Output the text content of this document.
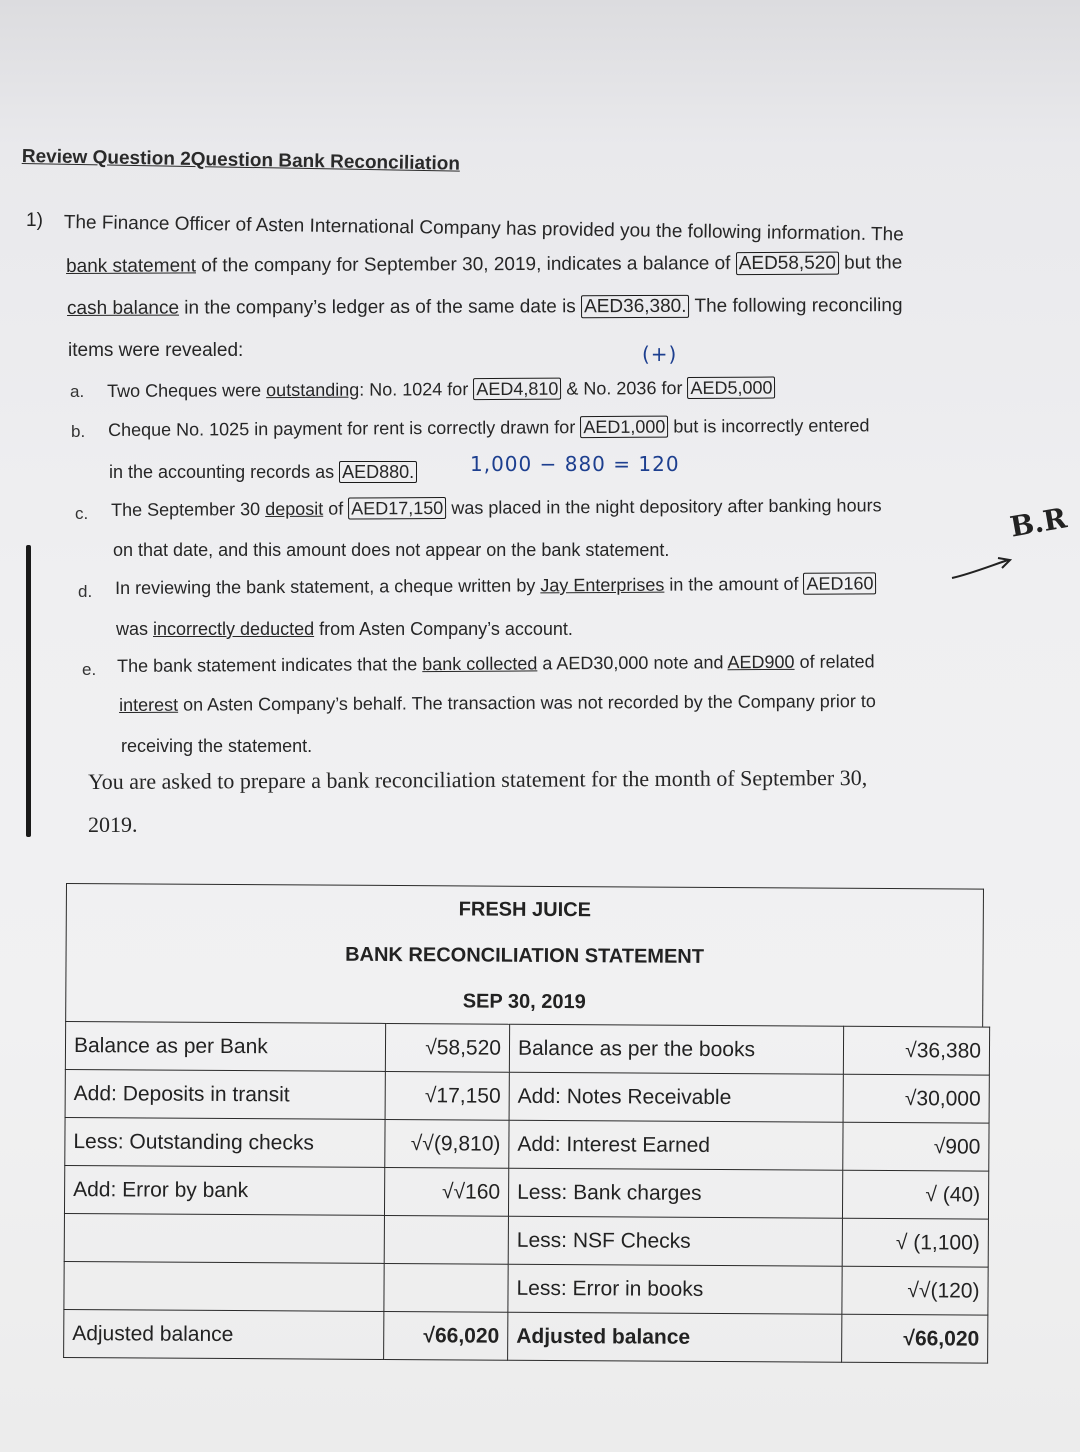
Review Question 2Question Bank Reconciliation
1) The Finance Officer of Asten International Company has provided you the following information. The
bank statement of the company for September 30, 2019, indicates a balance of AED58,520 but the
cash balance in the company’s ledger as of the same date is AED36,380. The following reconciling
items were revealed:	(+)
a. Two Cheques were outstanding: No. 1024 for AED4,810 & No. 2036 for AED5,000
b. Cheque No. 1025 in payment for rent is correctly drawn for AED1,000 but is incorrectly entered
in the accounting records as AED880.	1,000 − 880 = 120
c. The September 30 deposit of AED17,150 was placed in the night depository after banking hours
on that date, and this amount does not appear on the bank statement.
B.R
d. In reviewing the bank statement, a cheque written by Jay Enterprises in the amount of AED160
was incorrectly deducted from Asten Company’s account.
e. The bank statement indicates that the bank collected a AED30,000 note and AED900 of related
interest on Asten Company’s behalf. The transaction was not recorded by the Company prior to
receiving the statement.
You are asked to prepare a bank reconciliation statement for the month of September 30,
2019.
FRESH JUICE
BANK RECONCILIATION STATEMENT
SEP 30, 2019
Balance as per Bank	√58,520	Balance as per the books	√36,380
Add: Deposits in transit	√17,150	Add: Notes Receivable	√30,000
Less: Outstanding checks	√√(9,810)	Add: Interest Earned	√900
Add: Error by bank	√√160	Less: Bank charges	√ (40)
		Less: NSF Checks	√ (1,100)
		Less: Error in books	√√(120)
Adjusted balance	√66,020	Adjusted balance	√66,020
